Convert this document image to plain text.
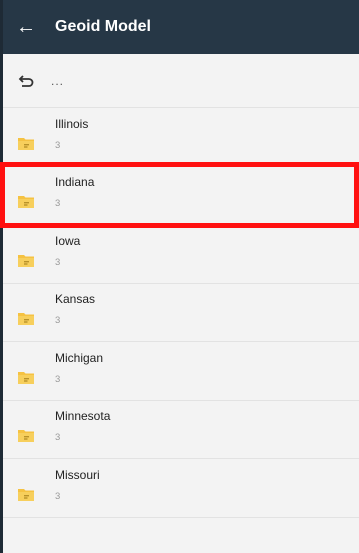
← Geoid Model
...
Illinois
3
Indiana
3
Iowa
3
Kansas
3
Michigan
3
Minnesota
3
Missouri
3
